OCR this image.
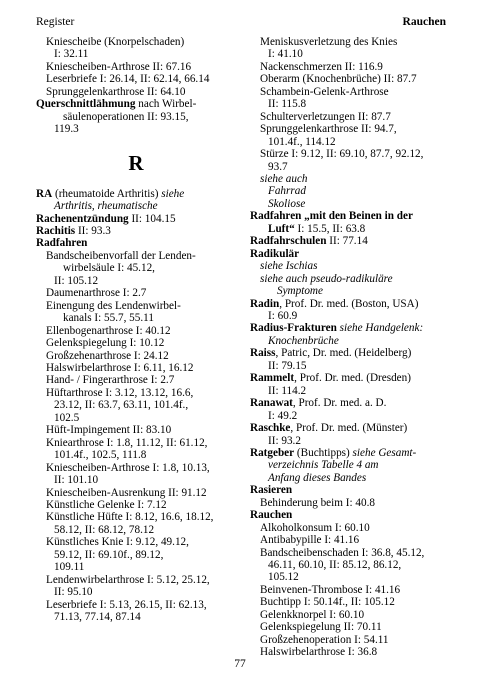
Register	Rauchen
Kniescheibe (Knorpelschaden)
I: 32.11
Kniescheiben-Arthrose II: 67.16
Leserbriefe I: 26.14, II: 62.14, 66.14
Sprunggelenkarthrose II: 64.10
Querschnittlähmung nach Wirbel-
säulenoperationen II: 93.15,
119.3
R
RA (rheumatoide Arthritis) siehe
Arthritis, rheumatische
Rachenentzündung II: 104.15
Rachitis II: 93.3
Radfahren
Bandscheibenvorfall der Lenden-
wirbelsäule I: 45.12,
II: 105.12
Daumenarthrose I: 2.7
Einengung des Lendenwirbel-
kanals I: 55.7, 55.11
Ellenbogenarthrose I: 40.12
Gelenkspiegelung I: 10.12
Großzehenarthrose I: 24.12
Halswirbelarthrose I: 6.11, 16.12
Hand- / Fingerarthrose I: 2.7
Hüftarthrose I: 3.12, 13.12, 16.6,
23.12, II: 63.7, 63.11, 101.4f.,
102.5
Hüft-Impingement II: 83.10
Kniearthrose I: 1.8, 11.12, II: 61.12,
101.4f., 102.5, 111.8
Kniescheiben-Arthrose I: 1.8, 10.13,
II: 101.10
Kniescheiben-Ausrenkung II: 91.12
Künstliche Gelenke I: 7.12
Künstliche Hüfte I: 8.12, 16.6, 18.12,
58.12, II: 68.12, 78.12
Künstliches Knie I: 9.12, 49.12,
59.12, II: 69.10f., 89.12,
109.11
Lendenwirbelarthrose I: 5.12, 25.12,
II: 95.10
Leserbriefe I: 5.13, 26.15, II: 62.13,
71.13, 77.14, 87.14
Meniskusverletzung des Knies
I: 41.10
Nackenschmerzen II: 116.9
Oberarm (Knochenbrüche) II: 87.7
Schambein-Gelenk-Arthrose
II: 115.8
Schulterverletzungen II: 87.7
Sprunggelenkarthrose II: 94.7,
101.4f., 114.12
Stürze I: 9.12, II: 69.10, 87.7, 92.12,
93.7
siehe auch
Fahrrad
Skoliose
Radfahren „mit den Beinen in der
Luft“ I: 15.5, II: 63.8
Radfahrschulen II: 77.14
Radikulär
siehe Ischias
siehe auch pseudo-radikuläre
Symptome
Radin, Prof. Dr. med. (Boston, USA)
I: 60.9
Radius-Frakturen siehe Handgelenk:
Knochenbrüche
Raiss, Patric, Dr. med. (Heidelberg)
II: 79.15
Rammelt, Prof. Dr. med. (Dresden)
II: 114.2
Ranawat, Prof. Dr. med. a. D.
I: 49.2
Raschke, Prof. Dr. med. (Münster)
II: 93.2
Ratgeber (Buchtipps) siehe Gesamt-
verzeichnis Tabelle 4 am
Anfang dieses Bandes
Rasieren
Behinderung beim I: 40.8
Rauchen
Alkoholkonsum I: 60.10
Antibabypille I: 41.16
Bandscheibenschaden I: 36.8, 45.12,
46.11, 60.10, II: 85.12, 86.12,
105.12
Beinvenen-Thrombose I: 41.16
Buchtipp I: 50.14f., II: 105.12
Gelenkknorpel I: 60.10
Gelenkspiegelung II: 70.11
Großzehenoperation I: 54.11
Halswirbelarthrose I: 36.8
77
